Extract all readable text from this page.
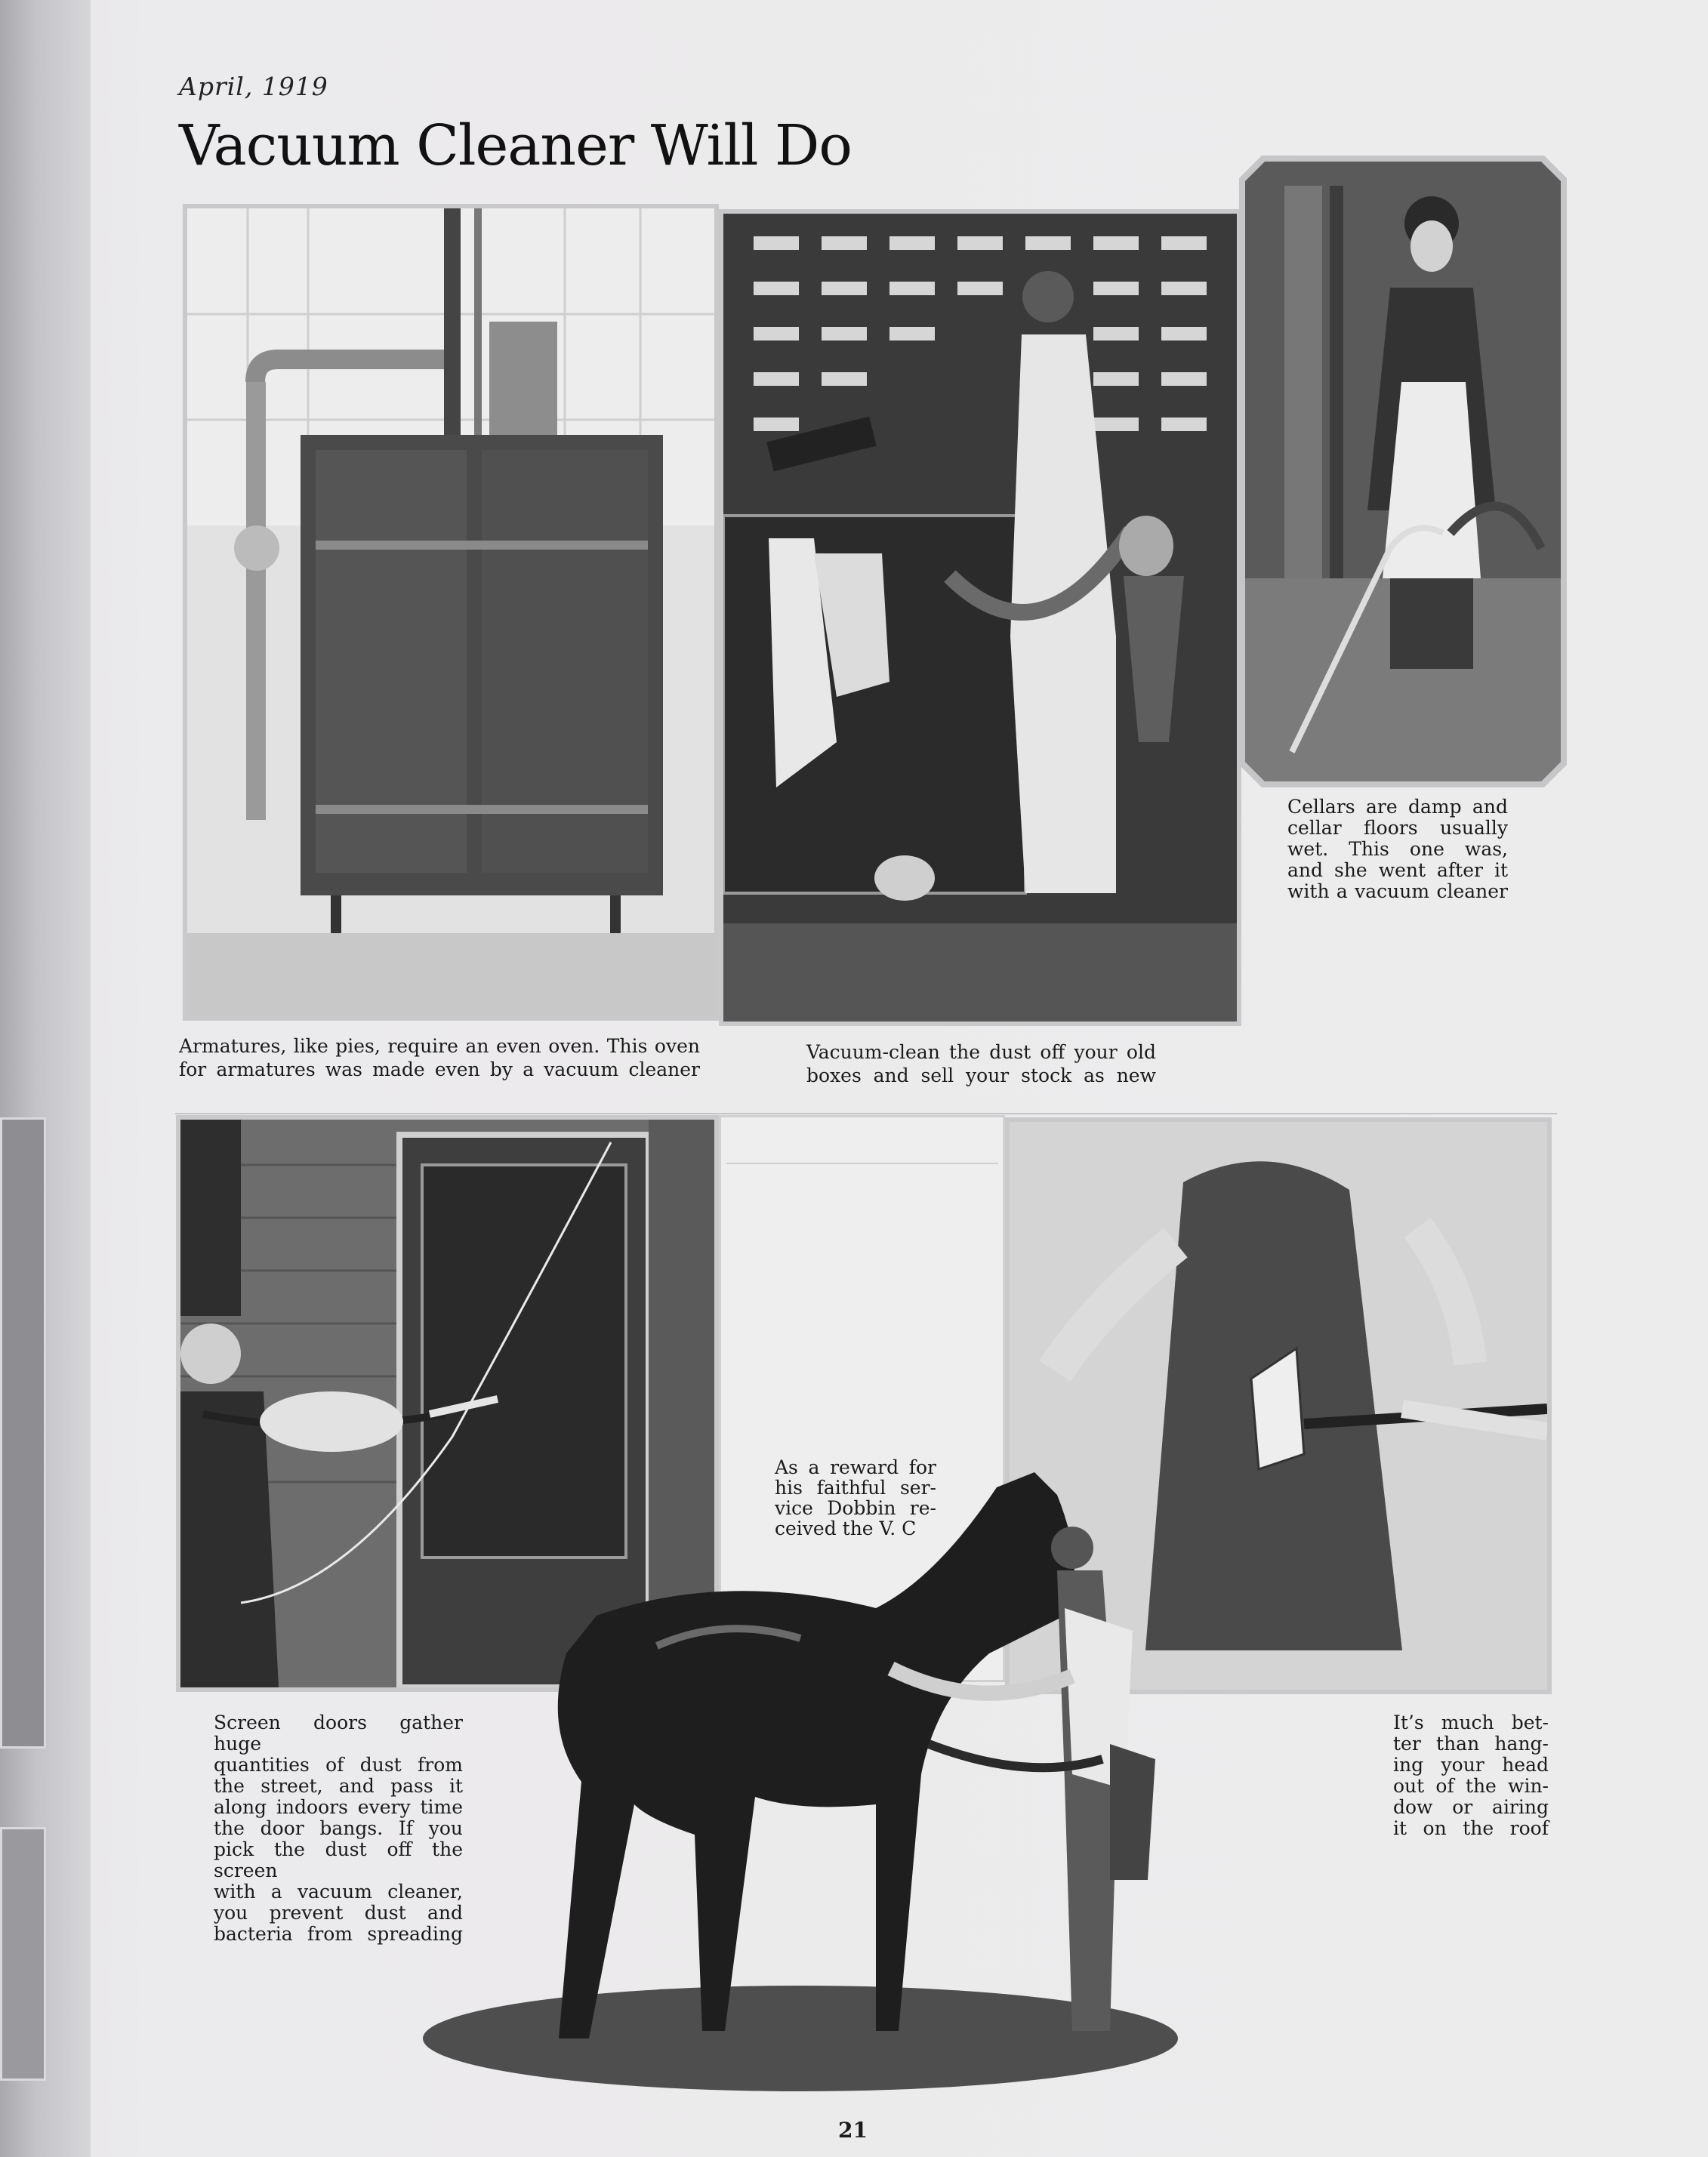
April, 1919
Vacuum Cleaner Will Do
Armatures, like pies, require an even oven. This oven
for armatures was made even by a vacuum cleaner
Vacuum-clean the dust off your old
boxes and sell your stock as new
Cellars are damp and
cellar floors usually
wet. This one was,
and she went after it
with a vacuum cleaner
As a reward for
his faithful ser-
vice Dobbin re-
ceived the V. C
Screen doors gather huge
quantities of dust from
the street, and pass it
along indoors every time
the door bangs. If you
pick the dust off the screen
with a vacuum cleaner,
you prevent dust and
bacteria from spreading
It’s much bet-
ter than hang-
ing your head
out of the win-
dow or airing
it on the roof
21
